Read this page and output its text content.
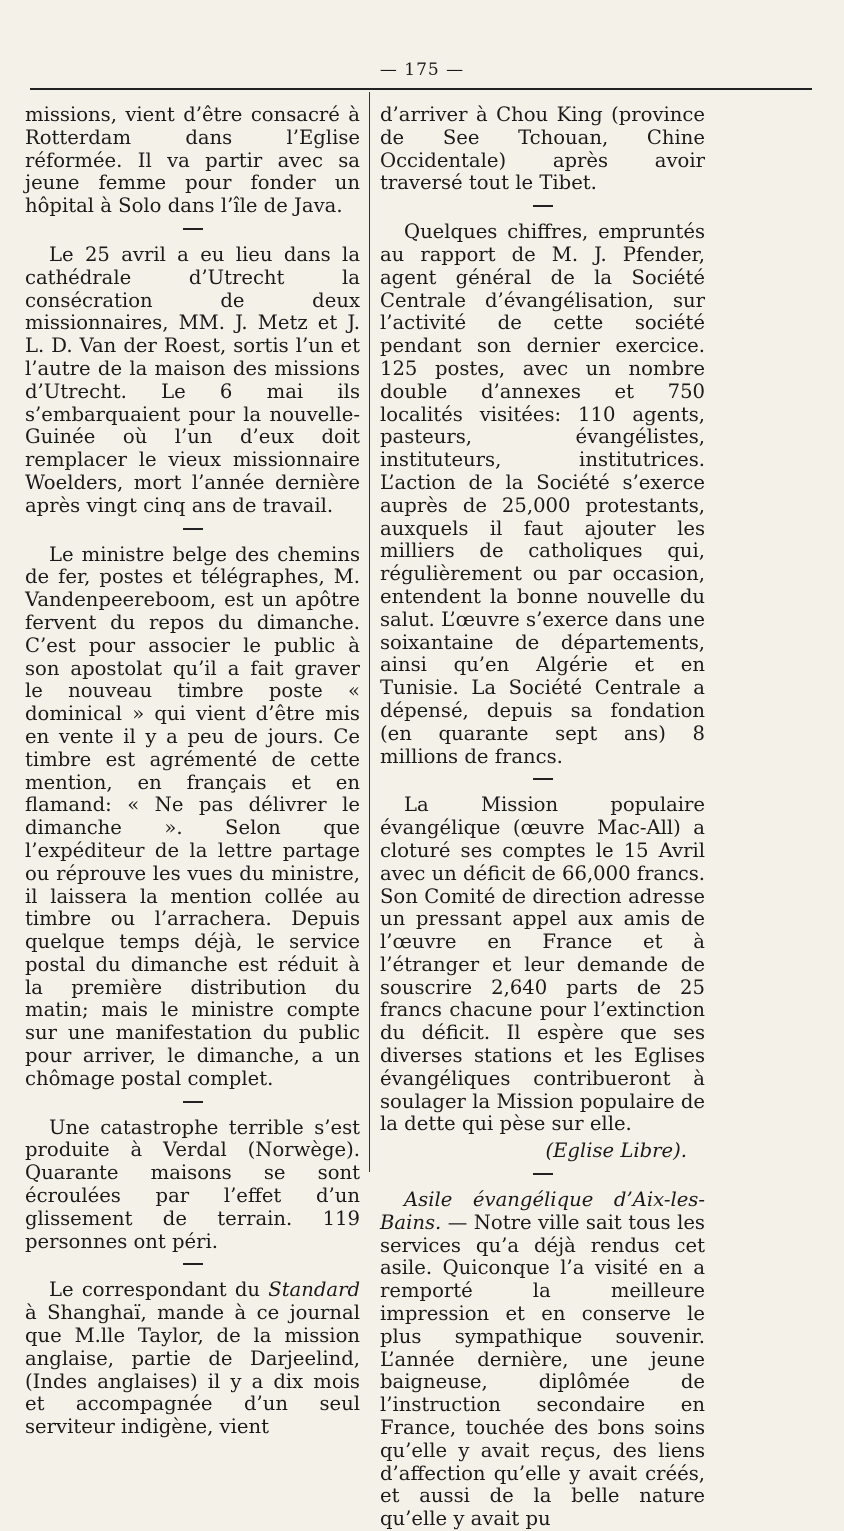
— 175 —

missions, vient d’être consacré à Rotterdam dans l’Eglise réformée. Il va partir avec sa jeune femme pour fonder un hôpital à Solo dans l’île de Java.

Le 25 avril a eu lieu dans la cathédrale d’Utrecht la consécration de deux missionnaires, MM. J. Metz et J. L. D. Van der Roest, sortis l’un et l’autre de la maison des missions d’Utrecht. Le 6 mai ils s’embarquaient pour la nouvelle-Guinée où l’un d’eux doit remplacer le vieux missionnaire Woelders, mort l’année dernière après vingt cinq ans de travail.

Le ministre belge des chemins de fer, postes et télégraphes, M. Vandenpeereboom, est un apôtre fervent du repos du dimanche. C’est pour associer le public à son apostolat qu’il a fait graver le nouveau timbre poste « dominical » qui vient d’être mis en vente il y a peu de jours. Ce timbre est agrémenté de cette mention, en français et en flamand: « Ne pas délivrer le dimanche ». Selon que l’expéditeur de la lettre partage ou réprouve les vues du ministre, il laissera la mention collée au timbre ou l’arrachera. Depuis quelque temps déjà, le service postal du dimanche est réduit à la première distribution du matin; mais le ministre compte sur une manifestation du public pour arriver, le dimanche, a un chômage postal complet.

Une catastrophe terrible s’est produite à Verdal (Norwège). Quarante maisons se sont écroulées par l’effet d’un glissement de terrain. 119 personnes ont péri.

Le correspondant du Standard à Shanghaï, mande à ce journal que M.lle Taylor, de la mission anglaise, partie de Darjeelind, (Indes anglaises) il y a dix mois et accompagnée d’un seul serviteur indigène, vient

d’arriver à Chou King (province de See Tchouan, Chine Occidentale) après avoir traversé tout le Tibet.

Quelques chiffres, empruntés au rapport de M. J. Pfender, agent général de la Société Centrale d’évangélisation, sur l’activité de cette société pendant son dernier exercice. 125 postes, avec un nombre double d’annexes et 750 localités visitées: 110 agents, pasteurs, évangélistes, instituteurs, institutrices. L’action de la Société s’exerce auprès de 25,000 protestants, auxquels il faut ajouter les milliers de catholiques qui, régulièrement ou par occasion, entendent la bonne nouvelle du salut. L’œuvre s’exerce dans une soixantaine de départements, ainsi qu’en Algérie et en Tunisie. La Société Centrale a dépensé, depuis sa fondation (en quarante sept ans) 8 millions de francs.

La Mission populaire évangélique (œuvre Mac-All) a cloturé ses comptes le 15 Avril avec un déficit de 66,000 francs. Son Comité de direction adresse un pressant appel aux amis de l’œuvre en France et à l’étranger et leur demande de souscrire 2,640 parts de 25 francs chacune pour l’extinction du déficit. Il espère que ses diverses stations et les Eglises évangéliques contribueront à soulager la Mission populaire de la dette qui pèse sur elle.

(Eglise Libre).

Asile évangélique d’Aix-les-Bains. — Notre ville sait tous les services qu’a déjà rendus cet asile. Quiconque l’a visité en a remporté la meilleure impression et en conserve le plus sympathique souvenir. L’année dernière, une jeune baigneuse, diplômée de l’instruction secondaire en France, touchée des bons soins qu’elle y avait reçus, des liens d’affection qu’elle y avait créés, et aussi de la belle nature qu’elle y avait pu
